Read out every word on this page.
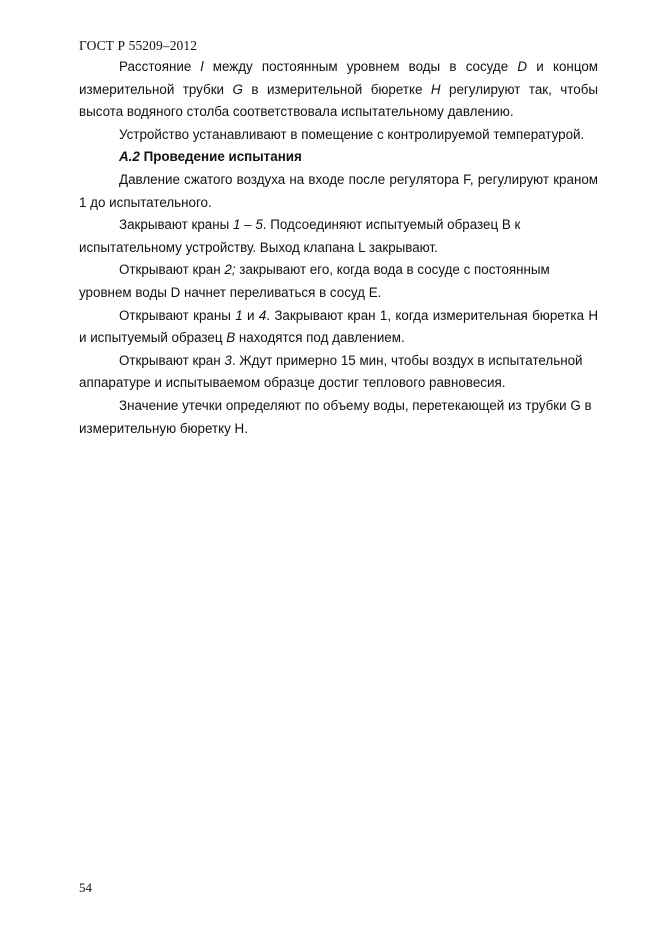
ГОСТ Р 55209–2012
Расстояние l между постоянным уровнем воды в сосуде D и концом
измерительной трубки G в измерительной бюретке H регулируют так, чтобы
высота водяного столба соответствовала испытательному давлению.
Устройство устанавливают в помещение с контролируемой температурой.
А.2 Проведение испытания
Давление сжатого воздуха на входе после регулятора F, регулируют краном
1 до испытательного.
Закрывают краны 1 – 5. Подсоединяют испытуемый образец В к
испытательному устройству. Выход клапана L закрывают.
Открывают кран 2; закрывают его, когда вода в сосуде с постоянным
уровнем воды D начнет переливаться в сосуд E.
Открывают краны 1 и 4. Закрывают кран 1, когда измерительная бюретка H
и испытуемый образец В находятся под давлением.
Открывают кран 3. Ждут примерно 15 мин, чтобы воздух в испытательной
аппаратуре и испытываемом образце достиг теплового равновесия.
Значение утечки определяют по объему воды, перетекающей из трубки G в
измерительную бюретку Н.
54
